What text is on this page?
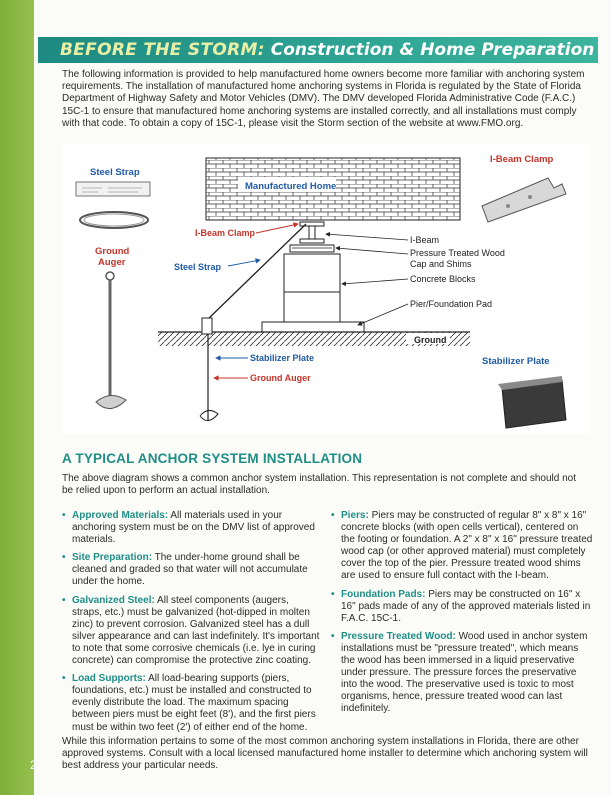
2
BEFORE THE STORM: Construction & Home Preparation

The following information is provided to help manufactured home owners become more familiar with anchoring system requirements. The installation of manufactured home anchoring systems in Florida is regulated by the State of Florida Department of Highway Safety and Motor Vehicles (DMV). The DMV developed Florida Administrative Code (F.A.C.) 15C-1 to ensure that manufactured home anchoring systems are installed correctly, and all installations must comply with that code. To obtain a copy of 15C-1, please visit the Storm section of the website at www.FMO.org.

Manufactured Home
Ground
Steel Strap
Ground
Auger
I-Beam Clamp
Stabilizer Plate
I-Beam Clamp
Steel Strap
I-Beam
Pressure Treated Wood
Cap and Shims
Concrete Blocks
Pier/Foundation Pad
Stabilizer Plate
Ground Auger
A TYPICAL ANCHOR SYSTEM INSTALLATION

The above diagram shows a common anchor system installation. This representation is not complete and should not be relied upon to perform an actual installation.

• Approved Materials: All materials used in your anchoring system must be on the DMV list of approved materials.
• Site Preparation: The under-home ground shall be cleaned and graded so that water will not accumulate under the home.
• Galvanized Steel: All steel components (augers, straps, etc.) must be galvanized (hot-dipped in molten zinc) to prevent corrosion. Galvanized steel has a dull silver appearance and can last indefinitely. It's important to note that some corrosive chemicals (i.e. lye in curing concrete) can compromise the protective zinc coating.
• Load Supports: All load-bearing supports (piers, foundations, etc.) must be installed and constructed to evenly distribute the load. The maximum spacing between piers must be eight feet (8'), and the first piers must be within two feet (2') of either end of the home.
• Piers: Piers may be constructed of regular 8" x 8" x 16" concrete blocks (with open cells vertical), centered on the footing or foundation. A 2" x 8" x 16" pressure treated wood cap (or other approved material) must completely cover the top of the pier. Pressure treated wood shims are used to ensure full contact with the I-beam.
• Foundation Pads: Piers may be constructed on 16" x 16" pads made of any of the approved materials listed in F.A.C. 15C-1.
• Pressure Treated Wood: Wood used in anchor system installations must be "pressure treated", which means the wood has been immersed in a liquid preservative under pressure. The pressure forces the preservative into the wood. The preservative used is toxic to most organisms, hence, pressure treated wood can last indefinitely.

While this information pertains to some of the most common anchoring system installations in Florida, there are other approved systems. Consult with a local licensed manufactured home installer to determine which anchoring system will best address your particular needs.
